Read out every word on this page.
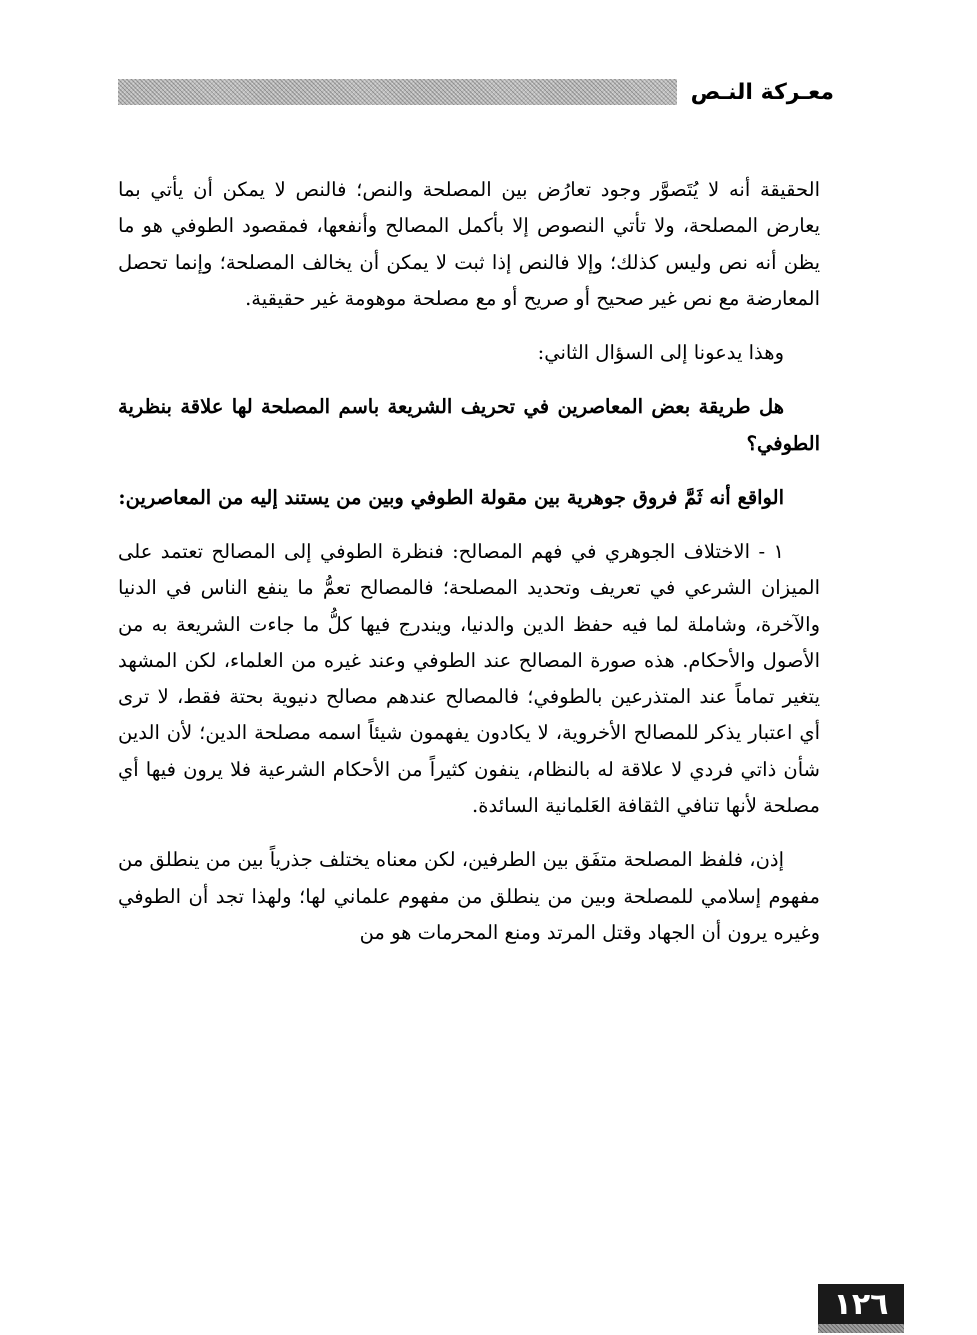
معـركة النـص

الحقيقة أنه لا يُتَصوَّر وجود تعارُض بين المصلحة والنص؛ فالنص لا يمكن أن يأتي بما يعارض المصلحة، ولا تأتي النصوص إلا بأكمل المصالح وأنفعها، فمقصود الطوفي هو ما يظن أنه نص وليس كذلك؛ وإلا فالنص إذا ثبت لا يمكن أن يخالف المصلحة؛ وإنما تحصل المعارضة مع نص غير صحيح أو صريح أو مع مصلحة موهومة غير حقيقية.

وهذا يدعونا إلى السؤال الثاني:

هل طريقة بعض المعاصرين في تحريف الشريعة باسم المصلحة لها علاقة بنظرية الطوفي؟

الواقع أنه ثَمَّ فروق جوهرية بين مقولة الطوفي وبين من يستند إليه من المعاصرين:

١ - الاختلاف الجوهري في فهم المصالح: فنظرة الطوفي إلى المصالح تعتمد على الميزان الشرعي في تعريف وتحديد المصلحة؛ فالمصالح تعمُّ ما ينفع الناس في الدنيا والآخرة، وشاملة لما فيه حفظ الدين والدنيا، ويندرج فيها كلُّ ما جاءت الشريعة به من الأصول والأحكام. هذه صورة المصالح عند الطوفي وعند غيره من العلماء، لكن المشهد يتغير تماماً عند المتذرعين بالطوفي؛ فالمصالح عندهم مصالح دنيوية بحتة فقط، لا ترى أي اعتبار يذكر للمصالح الأخروية، لا يكادون يفهمون شيئاً اسمه مصلحة الدين؛ لأن الدين شأن ذاتي فردي لا علاقة له بالنظام، ينفون كثيراً من الأحكام الشرعية فلا يرون فيها أي مصلحة لأنها تنافي الثقافة العَلمانية السائدة.

إذن، فلفظ المصلحة متفَق بين الطرفين، لكن معناه يختلف جذرياً بين من ينطلق من مفهوم إسلامي للمصلحة وبين من ينطلق من مفهوم علماني لها؛ ولهذا تجد أن الطوفي وغيره يرون أن الجهاد وقتل المرتد ومنع المحرمات هو من

١٢٦
